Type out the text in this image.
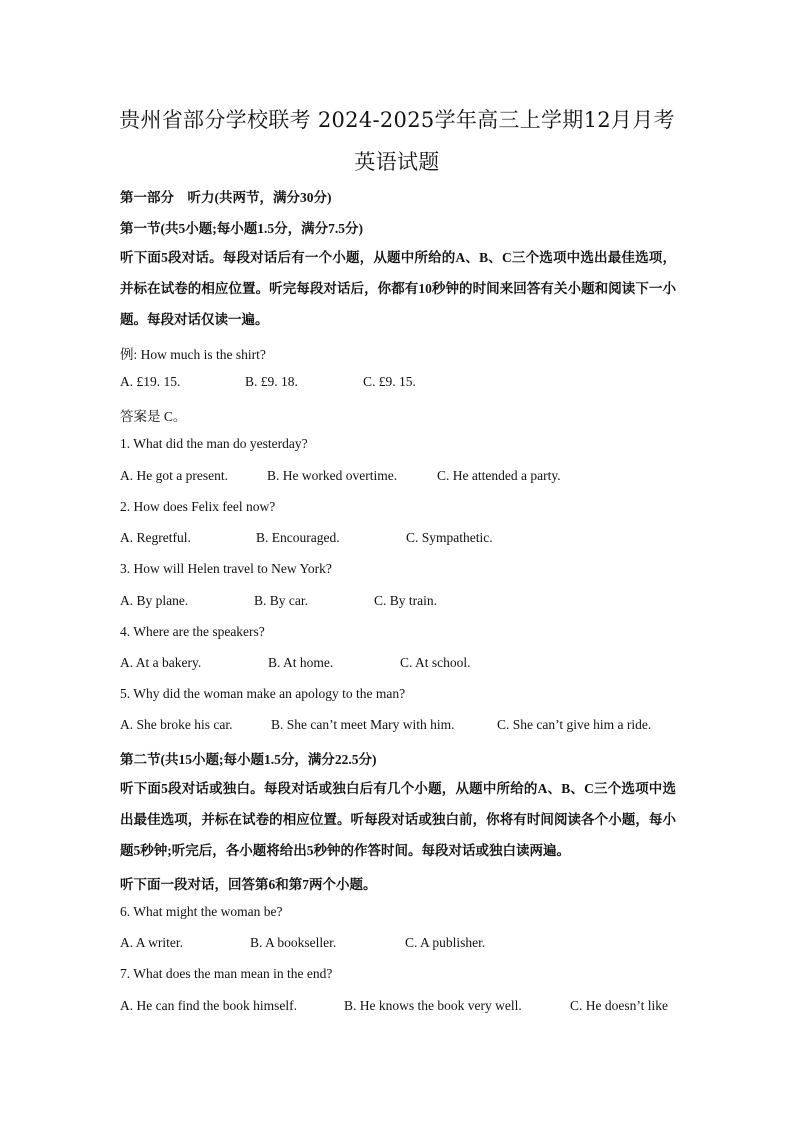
贵州省部分学校联考 2024-2025学年高三上学期12月月考
英语试题
第一部分　听力(共两节，满分30分)
第一节(共5小题;每小题1.5分，满分7.5分)
听下面5段对话。每段对话后有一个小题，从题中所给的A、B、C三个选项中选出最佳选项，并标在试卷的相应位置。听完每段对话后，你都有10秒钟的时间来回答有关小题和阅读下一小题。每段对话仅读一遍。
例: How much is the shirt?
A. £19. 15.	B. £9. 18.	C. £9. 15.
答案是 C。
1. What did the man do yesterday?
A. He got a present.	B. He worked overtime.	C. He attended a party.
2. How does Felix feel now?
A. Regretful.	B. Encouraged.	C. Sympathetic.
3. How will Helen travel to New York?
A. By plane.	B. By car.	C. By train.
4. Where are the speakers?
A. At a bakery.	B. At home.	C. At school.
5. Why did the woman make an apology to the man?
A. She broke his car.	B. She can’t meet Mary with him.	C. She can’t give him a ride.
第二节(共15小题;每小题1.5分，满分22.5分)
听下面5段对话或独白。每段对话或独白后有几个小题，从题中所给的A、B、C三个选项中选出最佳选项，并标在试卷的相应位置。听每段对话或独白前，你将有时间阅读各个小题，每小题5秒钟;听完后，各小题将给出5秒钟的作答时间。每段对话或独白读两遍。
听下面一段对话，回答第6和第7两个小题。
6. What might the woman be?
A. A writer.	B. A bookseller.	C. A publisher.
7. What does the man mean in the end?
A. He can find the book himself.	B. He knows the book very well.	C. He doesn’t like
